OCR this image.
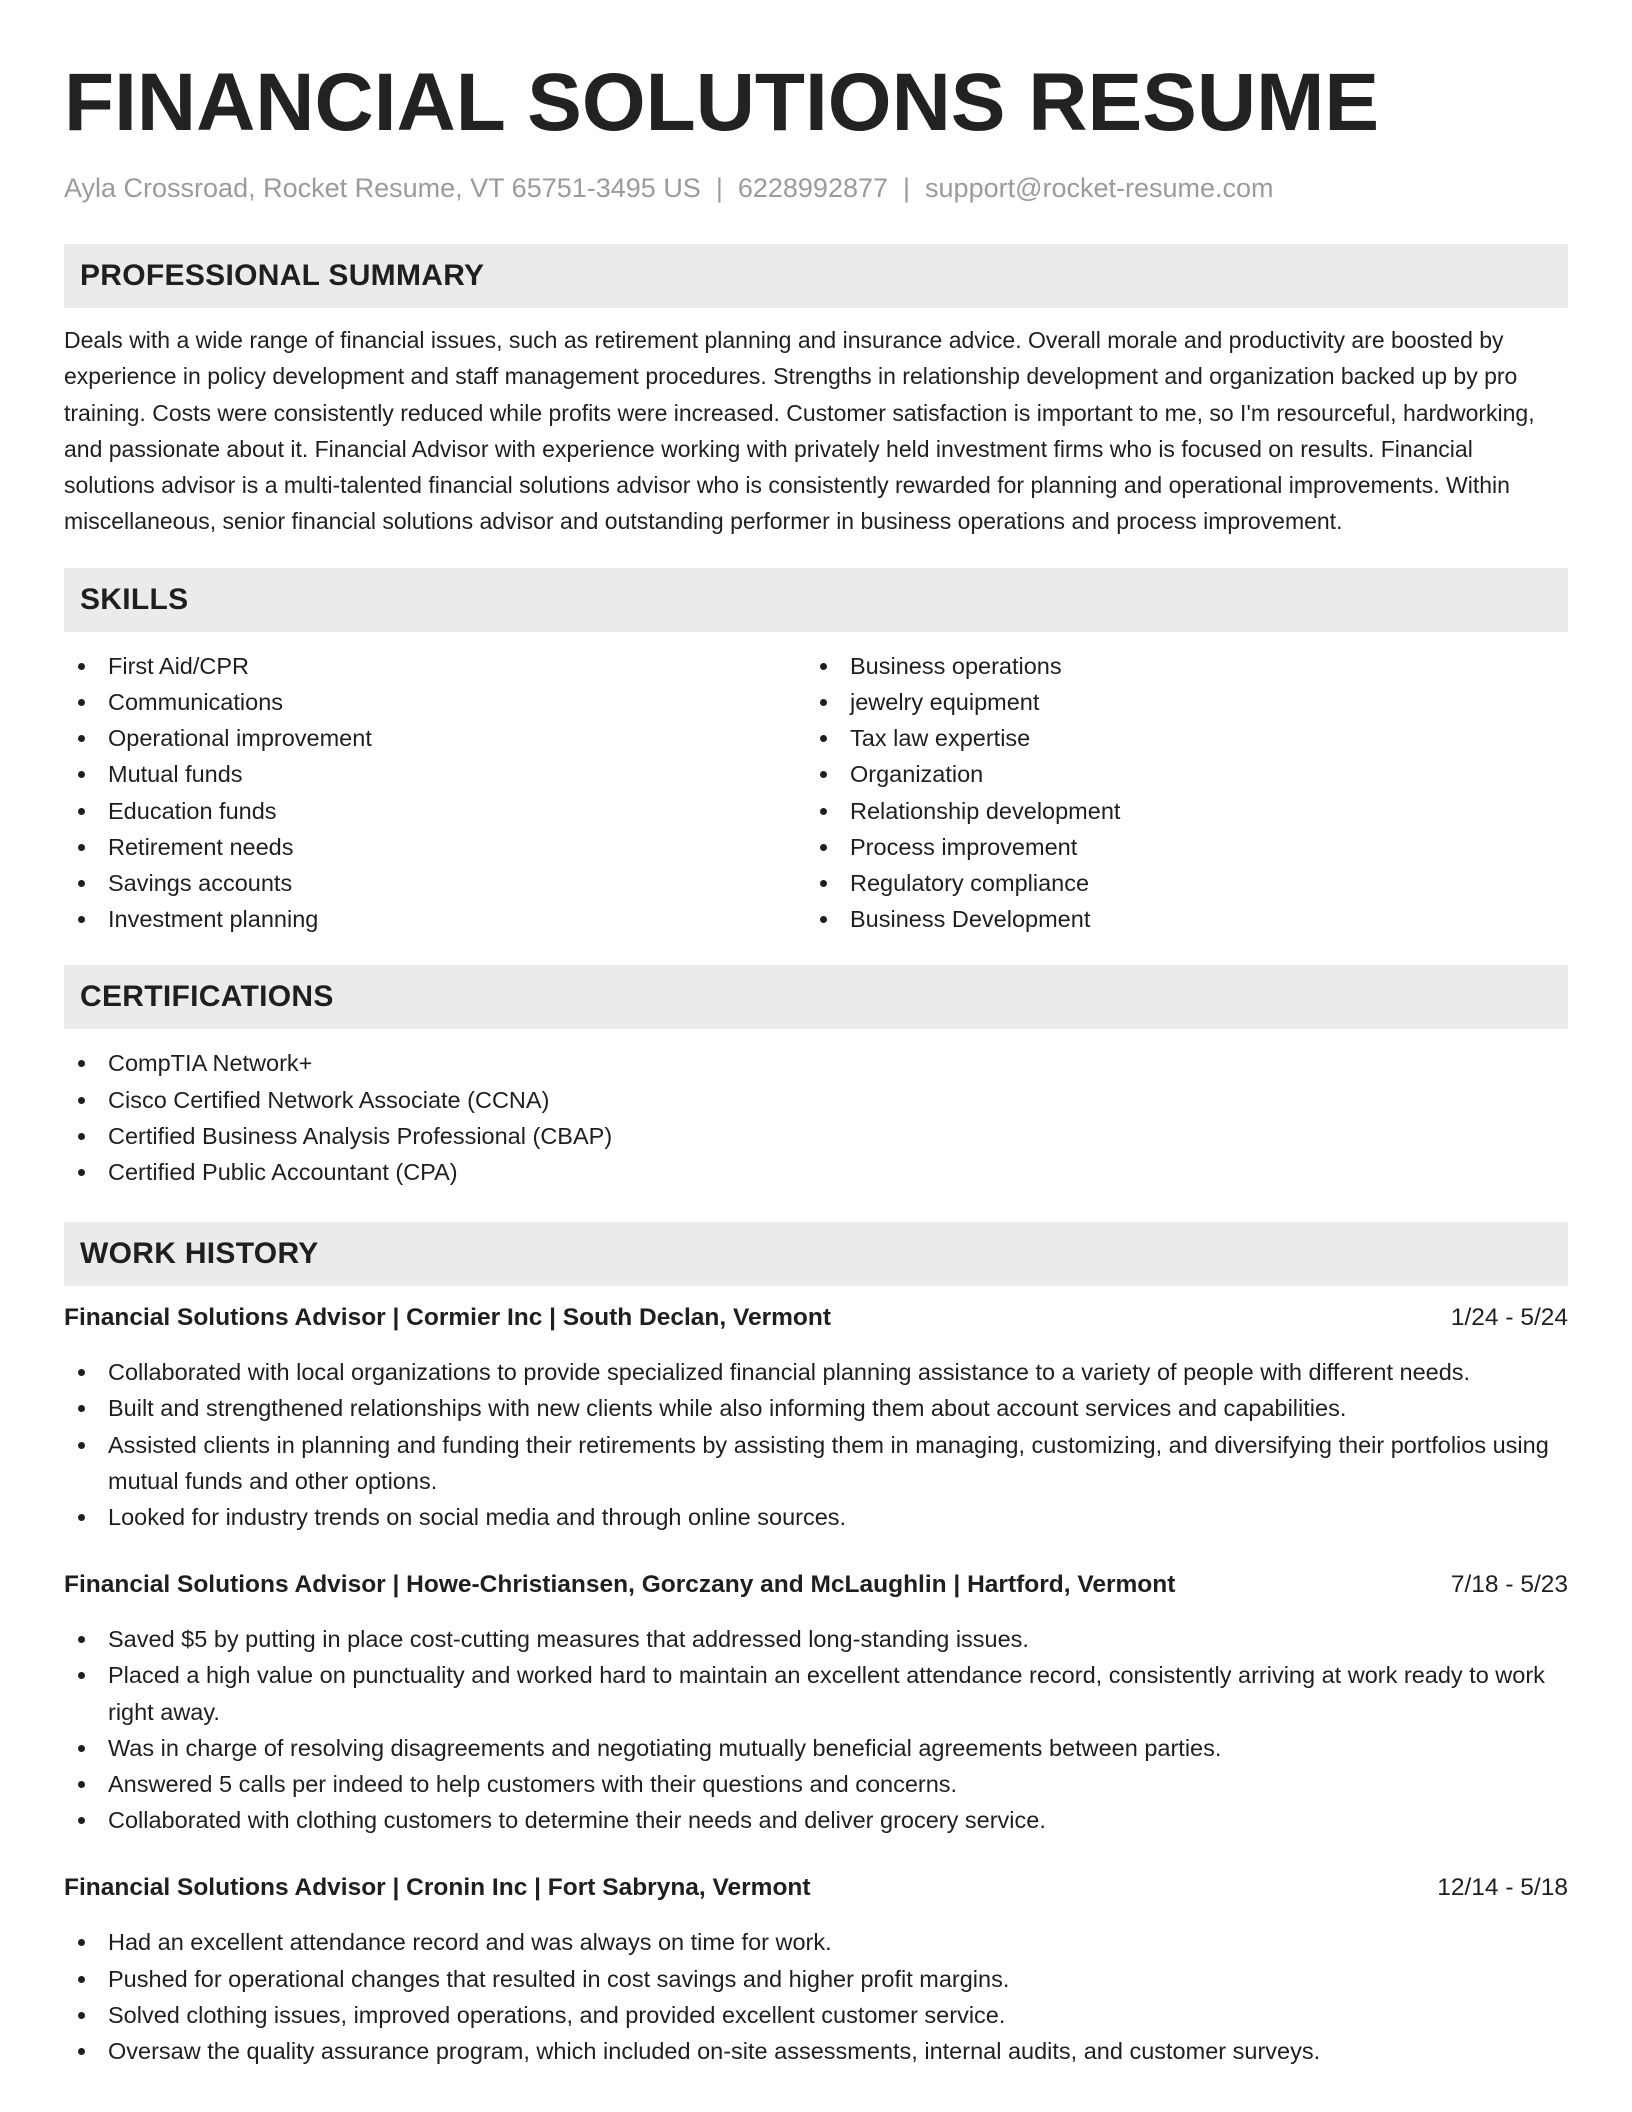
FINANCIAL SOLUTIONS RESUME
Ayla Crossroad, Rocket Resume, VT 65751-3495 US | 6228992877 | support@rocket-resume.com
PROFESSIONAL SUMMARY

Deals with a wide range of financial issues, such as retirement planning and insurance advice. Overall morale and productivity are boosted by experience in policy development and staff management procedures. Strengths in relationship development and organization backed up by pro training. Costs were consistently reduced while profits were increased. Customer satisfaction is important to me, so I'm resourceful, hardworking, and passionate about it. Financial Advisor with experience working with privately held investment firms who is focused on results. Financial solutions advisor is a multi-talented financial solutions advisor who is consistently rewarded for planning and operational improvements. Within miscellaneous, senior financial solutions advisor and outstanding performer in business operations and process improvement.

SKILLS
First Aid/CPR
Communications
Operational improvement
Mutual funds
Education funds
Retirement needs
Savings accounts
Investment planning
Business operations
jewelry equipment
Tax law expertise
Organization
Relationship development
Process improvement
Regulatory compliance
Business Development
CERTIFICATIONS
CompTIA Network+
Cisco Certified Network Associate (CCNA)
Certified Business Analysis Professional (CBAP)
Certified Public Accountant (CPA)
WORK HISTORY
Financial Solutions Advisor | Cormier Inc | South Declan, Vermont	1/24 - 5/24
Collaborated with local organizations to provide specialized financial planning assistance to a variety of people with different needs.
Built and strengthened relationships with new clients while also informing them about account services and capabilities.
Assisted clients in planning and funding their retirements by assisting them in managing, customizing, and diversifying their portfolios using mutual funds and other options.
Looked for industry trends on social media and through online sources.
Financial Solutions Advisor | Howe-Christiansen, Gorczany and McLaughlin | Hartford, Vermont	7/18 - 5/23
Saved $5 by putting in place cost-cutting measures that addressed long-standing issues.
Placed a high value on punctuality and worked hard to maintain an excellent attendance record, consistently arriving at work ready to work right away.
Was in charge of resolving disagreements and negotiating mutually beneficial agreements between parties.
Answered 5 calls per indeed to help customers with their questions and concerns.
Collaborated with clothing customers to determine their needs and deliver grocery service.
Financial Solutions Advisor | Cronin Inc | Fort Sabryna, Vermont	12/14 - 5/18
Had an excellent attendance record and was always on time for work.
Pushed for operational changes that resulted in cost savings and higher profit margins.
Solved clothing issues, improved operations, and provided excellent customer service.
Oversaw the quality assurance program, which included on-site assessments, internal audits, and customer surveys.
